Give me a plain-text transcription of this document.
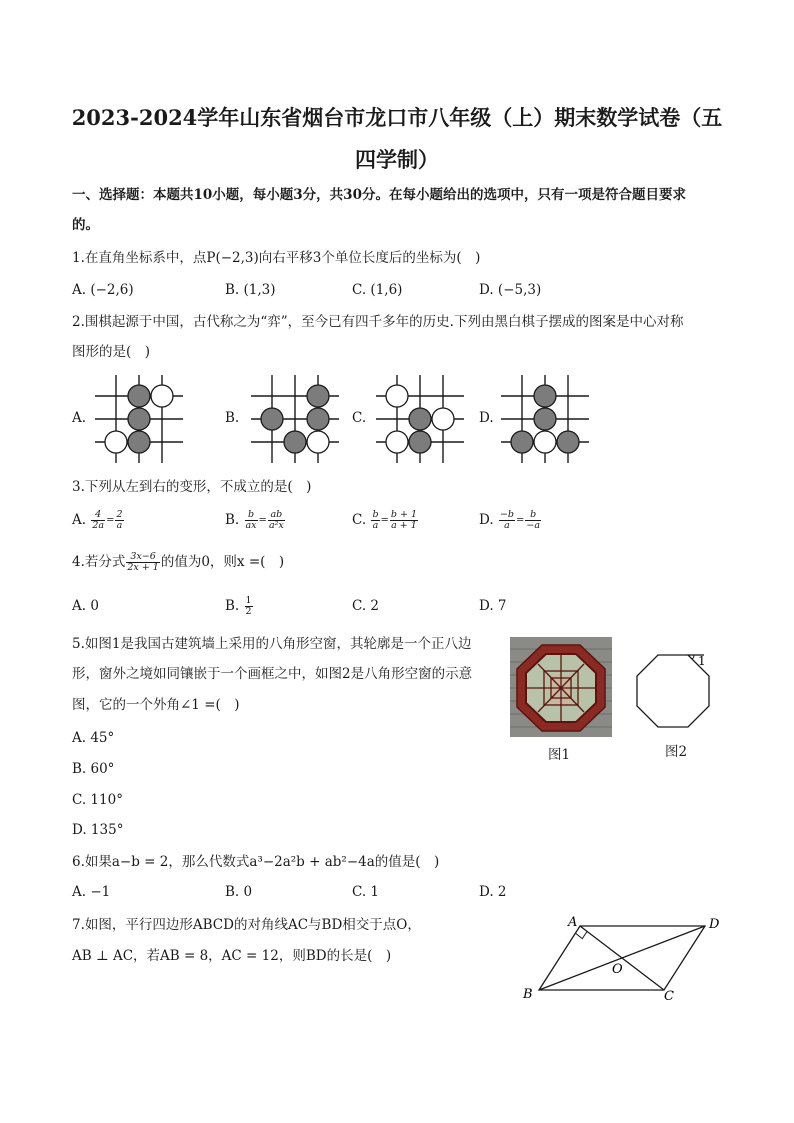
2023-2024学年山东省烟台市龙口市八年级（上）期末数学试卷（五
四学制）
一、选择题：本题共10小题，每小题3分，共30分。在每小题给出的选项中，只有一项是符合题目要求
的。
1.在直角坐标系中，点P(−2,3)向右平移3个单位长度后的坐标为(　)
A. (−2,6)	B. (1,3)	C. (1,6)	D. (−5,3)
2.围棋起源于中国，古代称之为“弈”，至今已有四千多年的历史.下列由黑白棋子摆成的图案是中心对称
图形的是(　)
A.	B.	C.	D.
3.下列从左到右的变形，不成立的是(　)
A. $\frac{4}{2a} = \frac{2}{a}$	B. $\frac{b}{ax} = \frac{ab}{\text{a²x}}$	C. $\frac{b}{a} = \frac{b + 1}{a + 1}$	D. $\frac{-b}{a} = \frac{b}{-a}$
4.若分式 $\frac{3x-6}{2x + 1}$ 的值为0，则x =(　)
A. 0	B. $\frac{1}{2}$	C. 2	D. 7
5.如图1是我国古建筑墙上采用的八角形空窗，其轮廓是一个正八边
形，窗外之境如同镶嵌于一个画框之中，如图2是八角形空窗的示意
图，它的一个外角∠1 =(　)
A. 45°
B. 60°
C. 110°
D. 135°
图1
1
图2
6.如果a−b = 2，那么代数式a³−2a²b + ab²−4a的值是(　)
A. −1	B. 0	C. 1	D. 2
7.如图，平行四边形ABCD的对角线AC与BD相交于点O，
AB ⊥ AC，若AB = 8，AC = 12，则BD的长是(　)
A	D
O
B	C
